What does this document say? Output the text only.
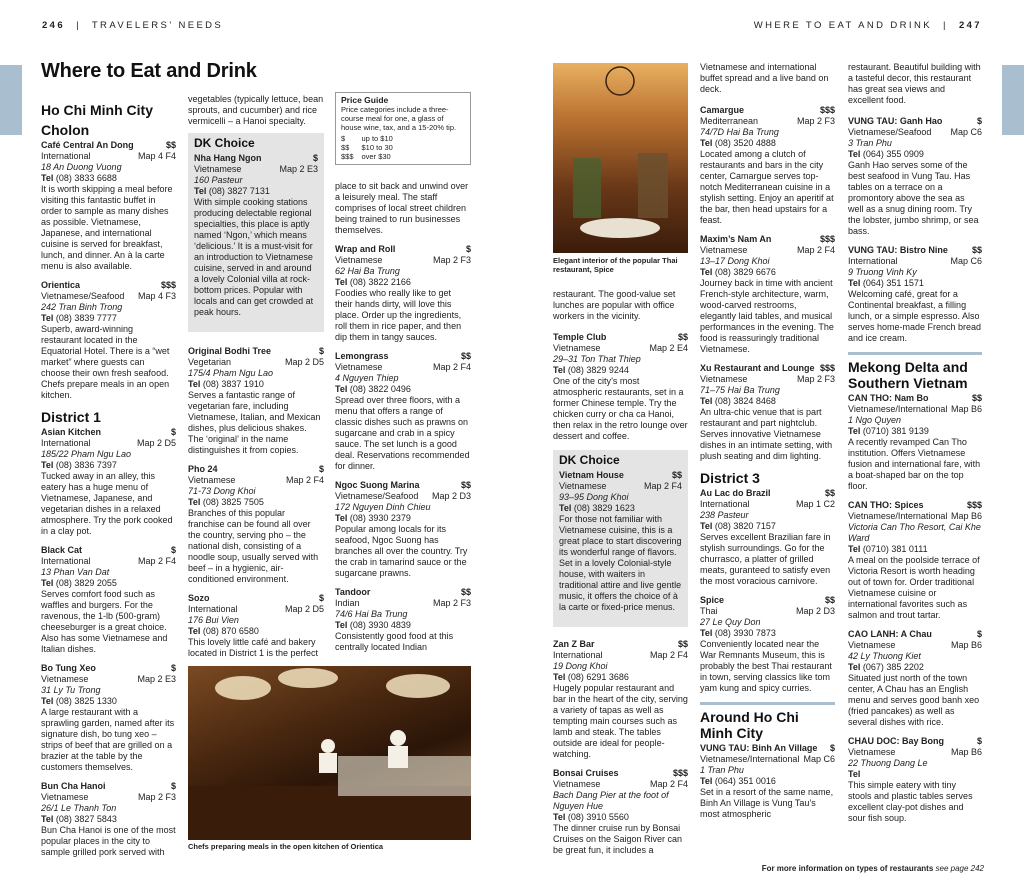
246 | TRAVELERS’ NEEDS	WHERE TO EAT AND DRINK | 247
Where to Eat and Drink
Ho Chi Minh City
Cholon
Café Central An Dong	$$
International	Map 4 F4
18 An Duong Vuong
Tel (08) 3833 6688

It is worth skipping a meal before visiting this fantastic buffet in order to sample as many dishes as possible. Vietnamese, Japanese, and international cuisine is served for breakfast, lunch, and dinner. An à la carte menu is also available.

Orientica	$$$
Vietnamese/Seafood Map 4 F3
242 Tran Binh Trong
Tel (08) 3839 7777

Superb, award-winning restaurant located in the Equatorial Hotel. There is a “wet market” where guests can choose their own fresh seafood. Chefs prepare meals in an open kitchen.

District 1
Asian Kitchen	$
International	Map 2 D5
185/22 Pham Ngu Lao
Tel (08) 3836 7397

Tucked away in an alley, this eatery has a huge menu of Vietnamese, Japanese, and vegetarian dishes in a relaxed atmosphere. Try the pork cooked in a clay pot.

Black Cat	$
International	Map 2 F4
13 Phan Van Dat
Tel (08) 3829 2055

Serves comfort food such as waffles and burgers. For the ravenous, the 1-lb (500-gram) cheeseburger is a great choice. Also has some Vietnamese and Italian dishes.

Bo Tung Xeo	$
Vietnamese	Map 2 E3
31 Ly Tu Trong
Tel (08) 3825 1330

A large restaurant with a sprawling garden, named after its signature dish, bo tung xeo – strips of beef that are grilled on a brazier at the table by the customers themselves.

Bun Cha Hanoi	$
Vietnamese	Map 2 F3
26/1 Le Thanh Ton
Tel (08) 3827 5843

Bun Cha Hanoi is one of the most popular places in the city to sample grilled pork served with

vegetables (typically lettuce, bean sprouts, and cucumber) and rice vermicelli – a Hanoi specialty.

DK Choice
Nha Hang Ngon	$
Vietnamese	Map 2 E3
160 Pasteur
Tel (08) 3827 7131

With simple cooking stations producing delectable regional specialties, this place is aptly named ‘Ngon,’ which means ‘delicious.’ It is a must-visit for an introduction to Vietnamese cuisine, served in and around a lovely Colonial villa at rock-bottom prices. Popular with locals and can get crowded at peak hours.

Original Bodhi Tree	$
Vegetarian	Map 2 D5
175/4 Pham Ngu Lao
Tel (08) 3837 1910

Serves a fantastic range of vegetarian fare, including Vietnamese, Italian, and Mexican dishes, plus delicious shakes. The ‘original’ in the name distinguishes it from copies.

Pho 24	$
Vietnamese	Map 2 F4
71-73 Dong Khoi
Tel (08) 3825 7505

Branches of this popular franchise can be found all over the country, serving pho – the national dish, consisting of a noodle soup, usually served with beef – in a hygienic, air-conditioned environment.

Sozo	$
International	Map 2 D5
176 Bui Vien
Tel (08) 870 6580

This lovely little café and bakery located in District 1 is the perfect

Price Guide
Price categories include a three-course meal for one, a glass of house wine, tax, and a 15-20% tip.
$	up to $10
$$	$10 to 30
$$$	over $30

place to sit back and unwind over a leisurely meal. The staff comprises of local street children being trained to run businesses themselves.

Wrap and Roll	$
Vietnamese	Map 2 F3
62 Hai Ba Trung
Tel (08) 3822 2166

Foodies who really like to get their hands dirty, will love this place. Order up the ingredients, roll them in rice paper, and then dip them in tangy sauces.

Lemongrass	$$
Vietnamese	Map 2 F4
4 Nguyen Thiep
Tel (08) 3822 0496

Spread over three floors, with a menu that offers a range of classic dishes such as prawns on sugarcane and crab in a spicy sauce. The set lunch is a good deal. Reservations recommended for dinner.

Ngoc Suong Marina	$$
Vietnamese/Seafood Map 2 D3
172 Nguyen Dinh Chieu
Tel (08) 3930 2379

Popular among locals for its seafood, Ngoc Suong has branches all over the country. Try the crab in tamarind sauce or the sugarcane prawns.

Tandoor	$$
Indian	Map 2 F3
74/6 Hai Ba Trung
Tel (08) 3930 4839

Consistently good food at this centrally located Indian

Chefs preparing meals in the open kitchen of Orientica
Elegant interior of the popular Thai restaurant, Spice

restaurant. The good-value set lunches are popular with office workers in the vicinity.

Temple Club	$$
Vietnamese	Map 2 E4
29–31 Ton That Thiep
Tel (08) 3829 9244

One of the city’s most atmospheric restaurants, set in a former Chinese temple. Try the chicken curry or cha ca Hanoi, then relax in the retro lounge over dessert and coffee.

DK Choice
Vietnam House	$$
Vietnamese	Map 2 F4
93–95 Dong Khoi
Tel (08) 3829 1623

For those not familiar with Vietnamese cuisine, this is a great place to start discovering its wonderful range of flavors. Set in a lovely Colonial-style house, with waiters in traditional attire and live gentle music, it offers the choice of à la carte or fixed-price menus.

Zan Z Bar	$$
International	Map 2 F4
19 Dong Khoi
Tel (08) 6291 3686

Hugely popular restaurant and bar in the heart of the city, serving a variety of tapas as well as tempting main courses such as lamb and steak. The tables outside are ideal for people-watching.

Bonsai Cruises	$$$
Vietnamese	Map 2 F4
Bach Dang Pier at the foot of Nguyen Hue
Tel (08) 3910 5560

The dinner cruise run by Bonsai Cruises on the Saigon River can be great fun, it includes a

Vietnamese and international buffet spread and a live band on deck.

Camargue	$$$
Mediterranean	Map 2 F3
74/7D Hai Ba Trung
Tel (08) 3520 4888

Located among a clutch of restaurants and bars in the city center, Camargue serves top-notch Mediterranean cuisine in a stylish setting. Enjoy an aperitif at the bar, then head upstairs for a feast.

Maxim’s Nam An	$$$
Vietnamese	Map 2 F4
13–17 Dong Khoi
Tel (08) 3829 6676

Journey back in time with ancient French-style architecture, warm, wood-carved restrooms, elegantly laid tables, and musical performances in the evening. The food is reassuringly traditional Vietnamese.

Xu Restaurant and Lounge $$$
Vietnamese	Map 2 F3
71–75 Hai Ba Trung
Tel (08) 3824 8468

An ultra-chic venue that is part restaurant and part nightclub. Serves innovative Vietnamese dishes in an intimate setting, with plush seating and dim lighting.

District 3
Au Lac do Brazil	$$
International	Map 1 C2
238 Pasteur
Tel (08) 3820 7157

Serves excellent Brazilian fare in stylish surroundings. Go for the churrasco, a platter of grilled meats, guranteed to satisfy even the most voracious carnivore.

Spice	$$
Thai	Map 2 D3
27 Le Quy Don
Tel (08) 3930 7873

Conveniently located near the War Remnants Museum, this is probably the best Thai restaurant in town, serving classics like tom yam kung and spicy curries.

Around Ho Chi Minh City
VUNG TAU: Binh An Village $
Vietnamese/International Map C6
1 Tran Phu
Tel (064) 351 0016

Set in a resort of the same name, Binh An Village is Vung Tau’s most atmospheric

restaurant. Beautiful building with a tasteful decor, this restaurant has great sea views and excellent food.

VUNG TAU: Ganh Hao	$
Vietnamese/Seafood Map C6
3 Tran Phu
Tel (064) 355 0909

Ganh Hao serves some of the best seafood in Vung Tau. Has tables on a terrace on a promontory above the sea as well as a snug dining room. Try the lobster, jumbo shrimp, or sea bass.

VUNG TAU: Bistro Nine	$$
International	Map C6
9 Truong Vinh Ky
Tel (064) 351 1571

Welcoming café, great for a Continental breakfast, a filling lunch, or a simple espresso. Also serves home-made French bread and ice cream.

Mekong Delta and Southern Vietnam
CAN THO: Nam Bo	$$
Vietnamese/International Map B6
1 Ngo Quyen
Tel (0710) 381 9139

A recently revamped Can Tho institution. Offers Vietnamese fusion and international fare, with a boat-shaped bar on the top floor.

CAN THO: Spices	$$$
Vietnamese/International Map B6
Victoria Can Tho Resort, Cai Khe Ward
Tel (0710) 381 0111

A meal on the poolside terrace of Victoria Resort is worth heading out of town for. Order traditional Vietnamese cuisine or international favorites such as salmon and trout tartar.

CAO LANH: A Chau	$
Vietnamese	Map B6
42 Ly Thuong Kiet
Tel (067) 385 2202

Situated just north of the town center, A Chau has an English menu and serves good banh xeo (fried pancakes) as well as several dishes with rice.

CHAU DOC: Bay Bong	$
Vietnamese	Map B6
22 Thuong Dang Le
Tel

This simple eatery with tiny stools and plastic tables serves excellent clay-pot dishes and sour fish soup.

For more information on types of restaurants see page 242
